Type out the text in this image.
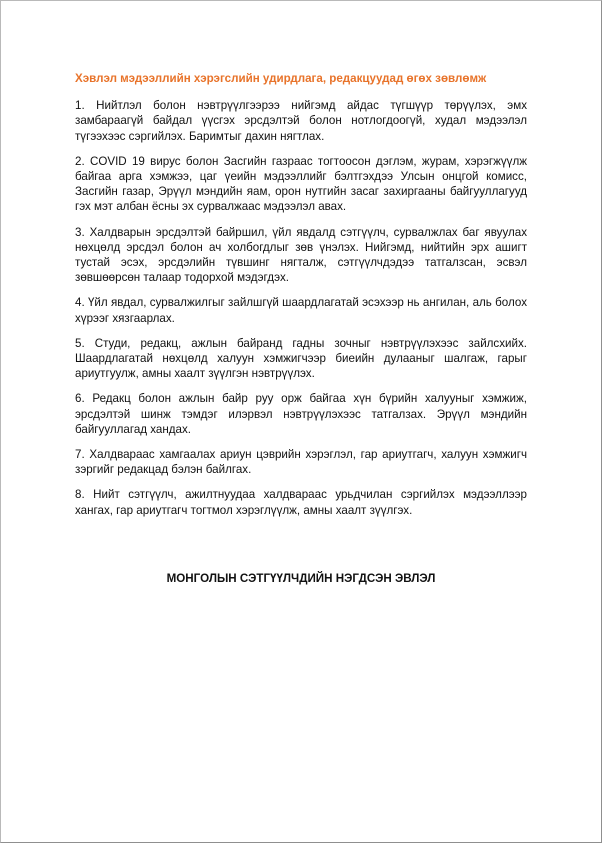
Хэвлэл мэдээллийн хэрэгслийн удирдлага, редакцуудад өгөх зөвлөмж

1. Нийтлэл болон нэвтрүүлгээрээ нийгэмд айдас түгшүүр төрүүлэх, эмх замбараагүй байдал үүсгэх эрсдэлтэй болон нотлогдоогүй, худал мэдээлэл түгээхээс сэргийлэх. Баримтыг дахин нягтлах.

2. COVID 19 вирус болон Засгийн газраас тогтоосон дэглэм, журам, хэрэгжүүлж байгаа арга хэмжээ, цаг үеийн мэдээллийг бэлтгэхдээ Улсын онцгой комисс, Засгийн газар, Эрүүл мэндийн яам, орон нутгийн засаг захиргааны байгууллагууд гэх мэт албан ёсны эх сурвалжаас мэдээлэл авах.

3. Халдварын эрсдэлтэй байршил, үйл явдалд сэтгүүлч, сурвалжлах баг явуулах нөхцөлд эрсдэл болон ач холбогдлыг зөв үнэлэх. Нийгэмд, нийтийн эрх ашигт тустай эсэх, эрсдэлийн түвшинг нягталж, сэтгүүлчдэдээ татгалзсан, эсвэл зөвшөөрсөн талаар тодорхой мэдэгдэх.

4. Үйл явдал, сурвалжилгыг зайлшгүй шаардлагатай эсэхээр нь ангилан, аль болох хүрээг хязгаарлах.

5. Студи, редакц, ажлын байранд гадны зочныг нэвтрүүлэхээс зайлсхийх. Шаардлагатай нөхцөлд халуун хэмжигчээр биеийн дулааныг шалгаж, гарыг ариутгуулж, амны хаалт зүүлгэн нэвтрүүлэх.

6. Редакц болон ажлын байр руу орж байгаа хүн бүрийн халууныг хэмжиж, эрсдэлтэй шинж тэмдэг илэрвэл нэвтрүүлэхээс татгалзах. Эрүүл мэндийн байгууллагад хандах.

7. Халдвараас хамгаалах ариун цэврийн хэрэглэл, гар ариутгагч, халуун хэмжигч зэргийг редакцад бэлэн байлгах.

8. Нийт сэтгүүлч, ажилтнуудаа халдвараас урьдчилан сэргийлэх мэдээллээр хангах, гар ариутгагч тогтмол хэрэглүүлж, амны хаалт зүүлгэх.

МОНГОЛЫН СЭТГҮҮЛЧДИЙН НЭГДСЭН ЭВЛЭЛ
